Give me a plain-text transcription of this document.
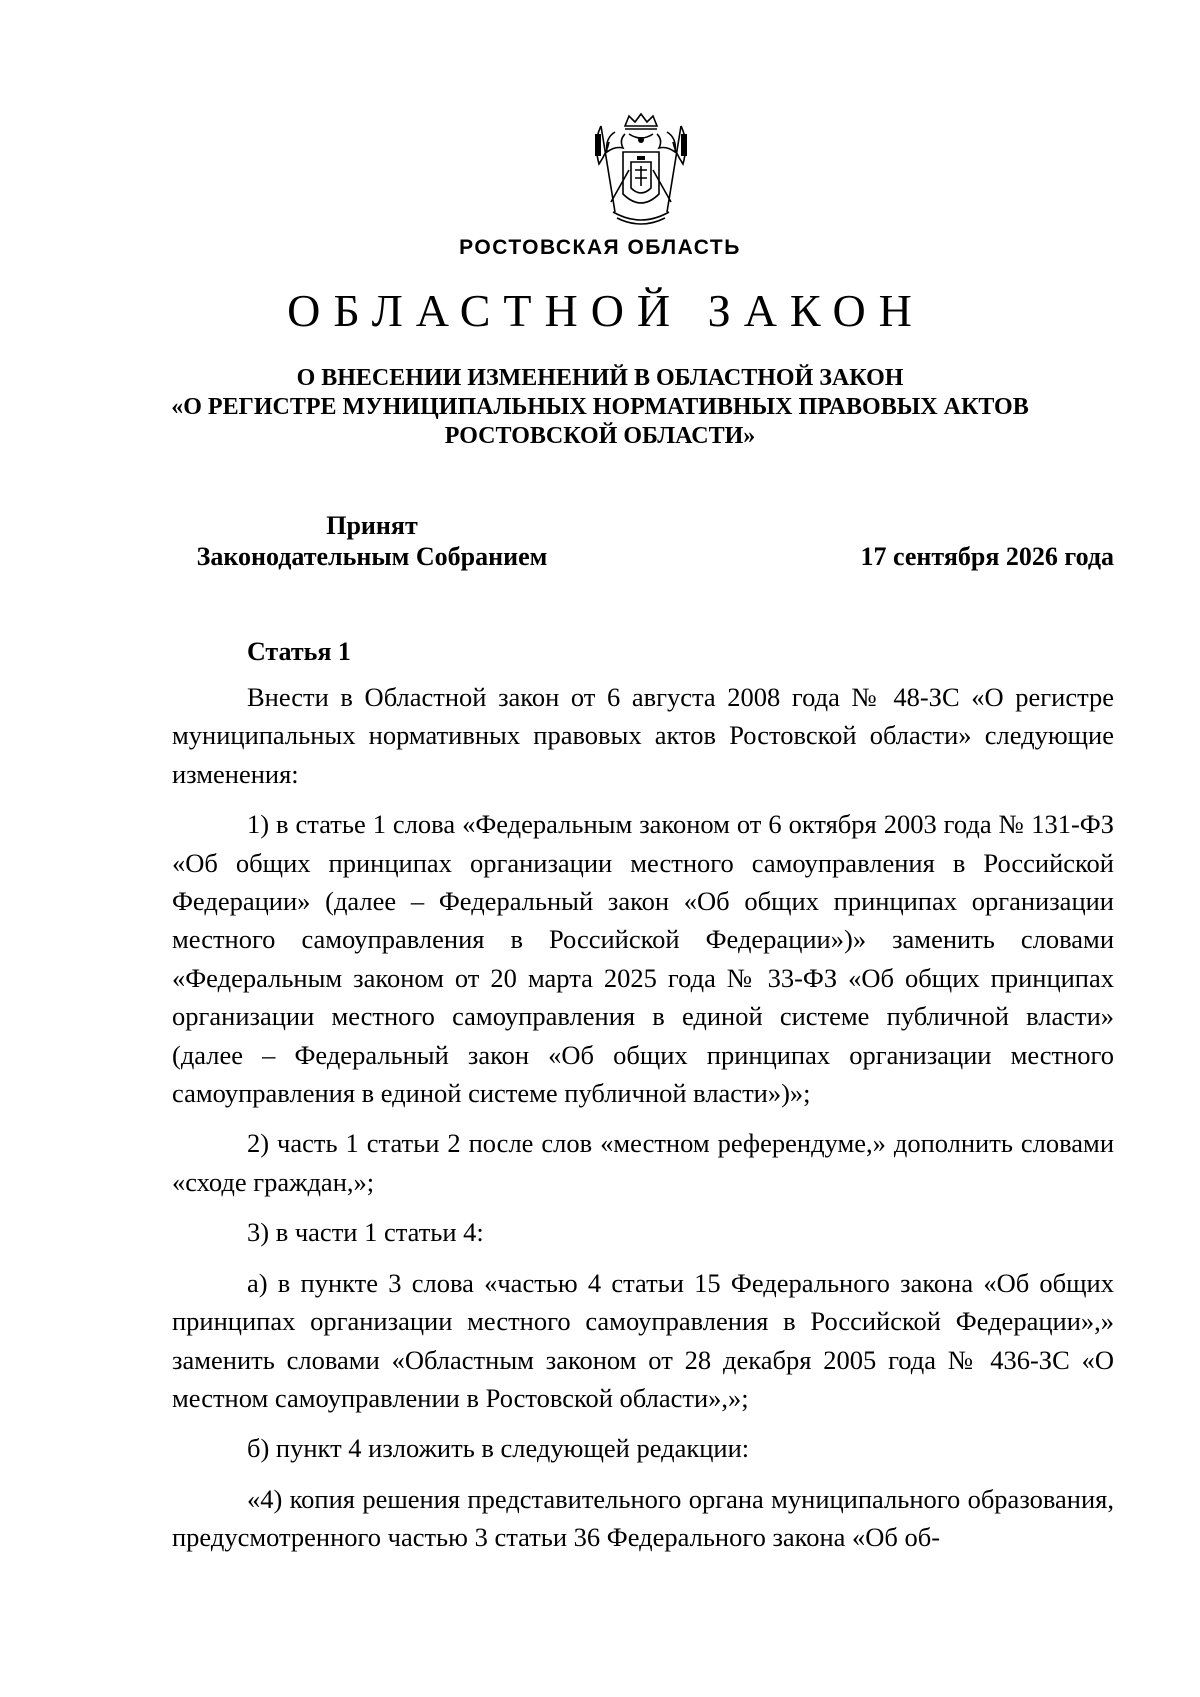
РОСТОВСКАЯ ОБЛАСТЬ
ОБЛАСТНОЙ ЗАКОН
О ВНЕСЕНИИ ИЗМЕНЕНИЙ В ОБЛАСТНОЙ ЗАКОН
«О РЕГИСТРЕ МУНИЦИПАЛЬНЫХ НОРМАТИВНЫХ ПРАВОВЫХ АКТОВ
РОСТОВСКОЙ ОБЛАСТИ»
Принят
Законодательным Собранием	17 сентября 2026 года
Статья 1

Внести в Областной закон от 6 августа 2008 года № 48-ЗС «О регистре муниципальных нормативных правовых актов Ростовской области» следующие изменения:

1) в статье 1 слова «Федеральным законом от 6 октября 2003 года № 131-ФЗ «Об общих принципах организации местного самоуправления в Российской Федерации» (далее – Федеральный закон «Об общих принципах организации местного самоуправления в Российской Федерации»)» заменить словами «Федеральным законом от 20 марта 2025 года № 33-ФЗ «Об общих принципах организации местного самоуправления в единой системе публичной власти» (далее – Федеральный закон «Об общих принципах организации местного самоуправления в единой системе публичной власти»)»;

2) часть 1 статьи 2 после слов «местном референдуме,» дополнить словами «сходе граждан,»;

3) в части 1 статьи 4:

а) в пункте 3 слова «частью 4 статьи 15 Федерального закона «Об общих принципах организации местного самоуправления в Российской Федерации»,» заменить словами «Областным законом от 28 декабря 2005 года № 436-ЗС «О местном самоуправлении в Ростовской области»,»;

б) пункт 4 изложить в следующей редакции:

«4) копия решения представительного органа муниципального образования, предусмотренного частью 3 статьи 36 Федерального закона «Об об-
